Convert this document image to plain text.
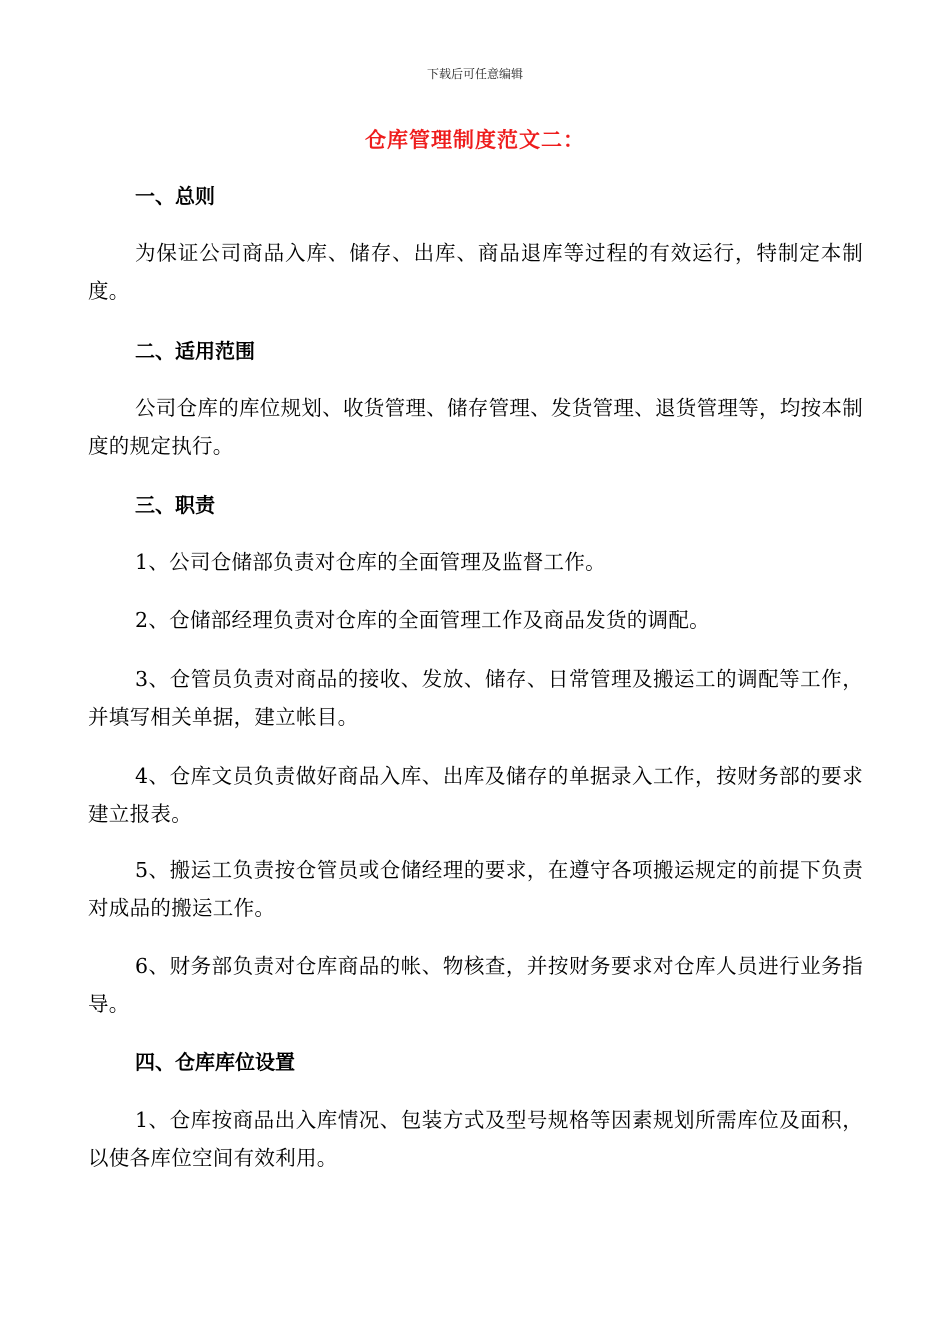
下载后可任意编辑
仓库管理制度范文二：
一、总则
为保证公司商品入库、储存、出库、商品退库等过程的有效运行，特制定本制度。
二、适用范围
公司仓库的库位规划、收货管理、储存管理、发货管理、退货管理等，均按本制度的规定执行。
三、职责
1、公司仓储部负责对仓库的全面管理及监督工作。
2、仓储部经理负责对仓库的全面管理工作及商品发货的调配。
3、仓管员负责对商品的接收、发放、储存、日常管理及搬运工的调配等工作，并填写相关单据，建立帐目。
4、仓库文员负责做好商品入库、出库及储存的单据录入工作，按财务部的要求建立报表。
5、搬运工负责按仓管员或仓储经理的要求，在遵守各项搬运规定的前提下负责对成品的搬运工作。
6、财务部负责对仓库商品的帐、物核查，并按财务要求对仓库人员进行业务指导。
四、仓库库位设置
1、仓库按商品出入库情况、包装方式及型号规格等因素规划所需库位及面积，以使各库位空间有效利用。
